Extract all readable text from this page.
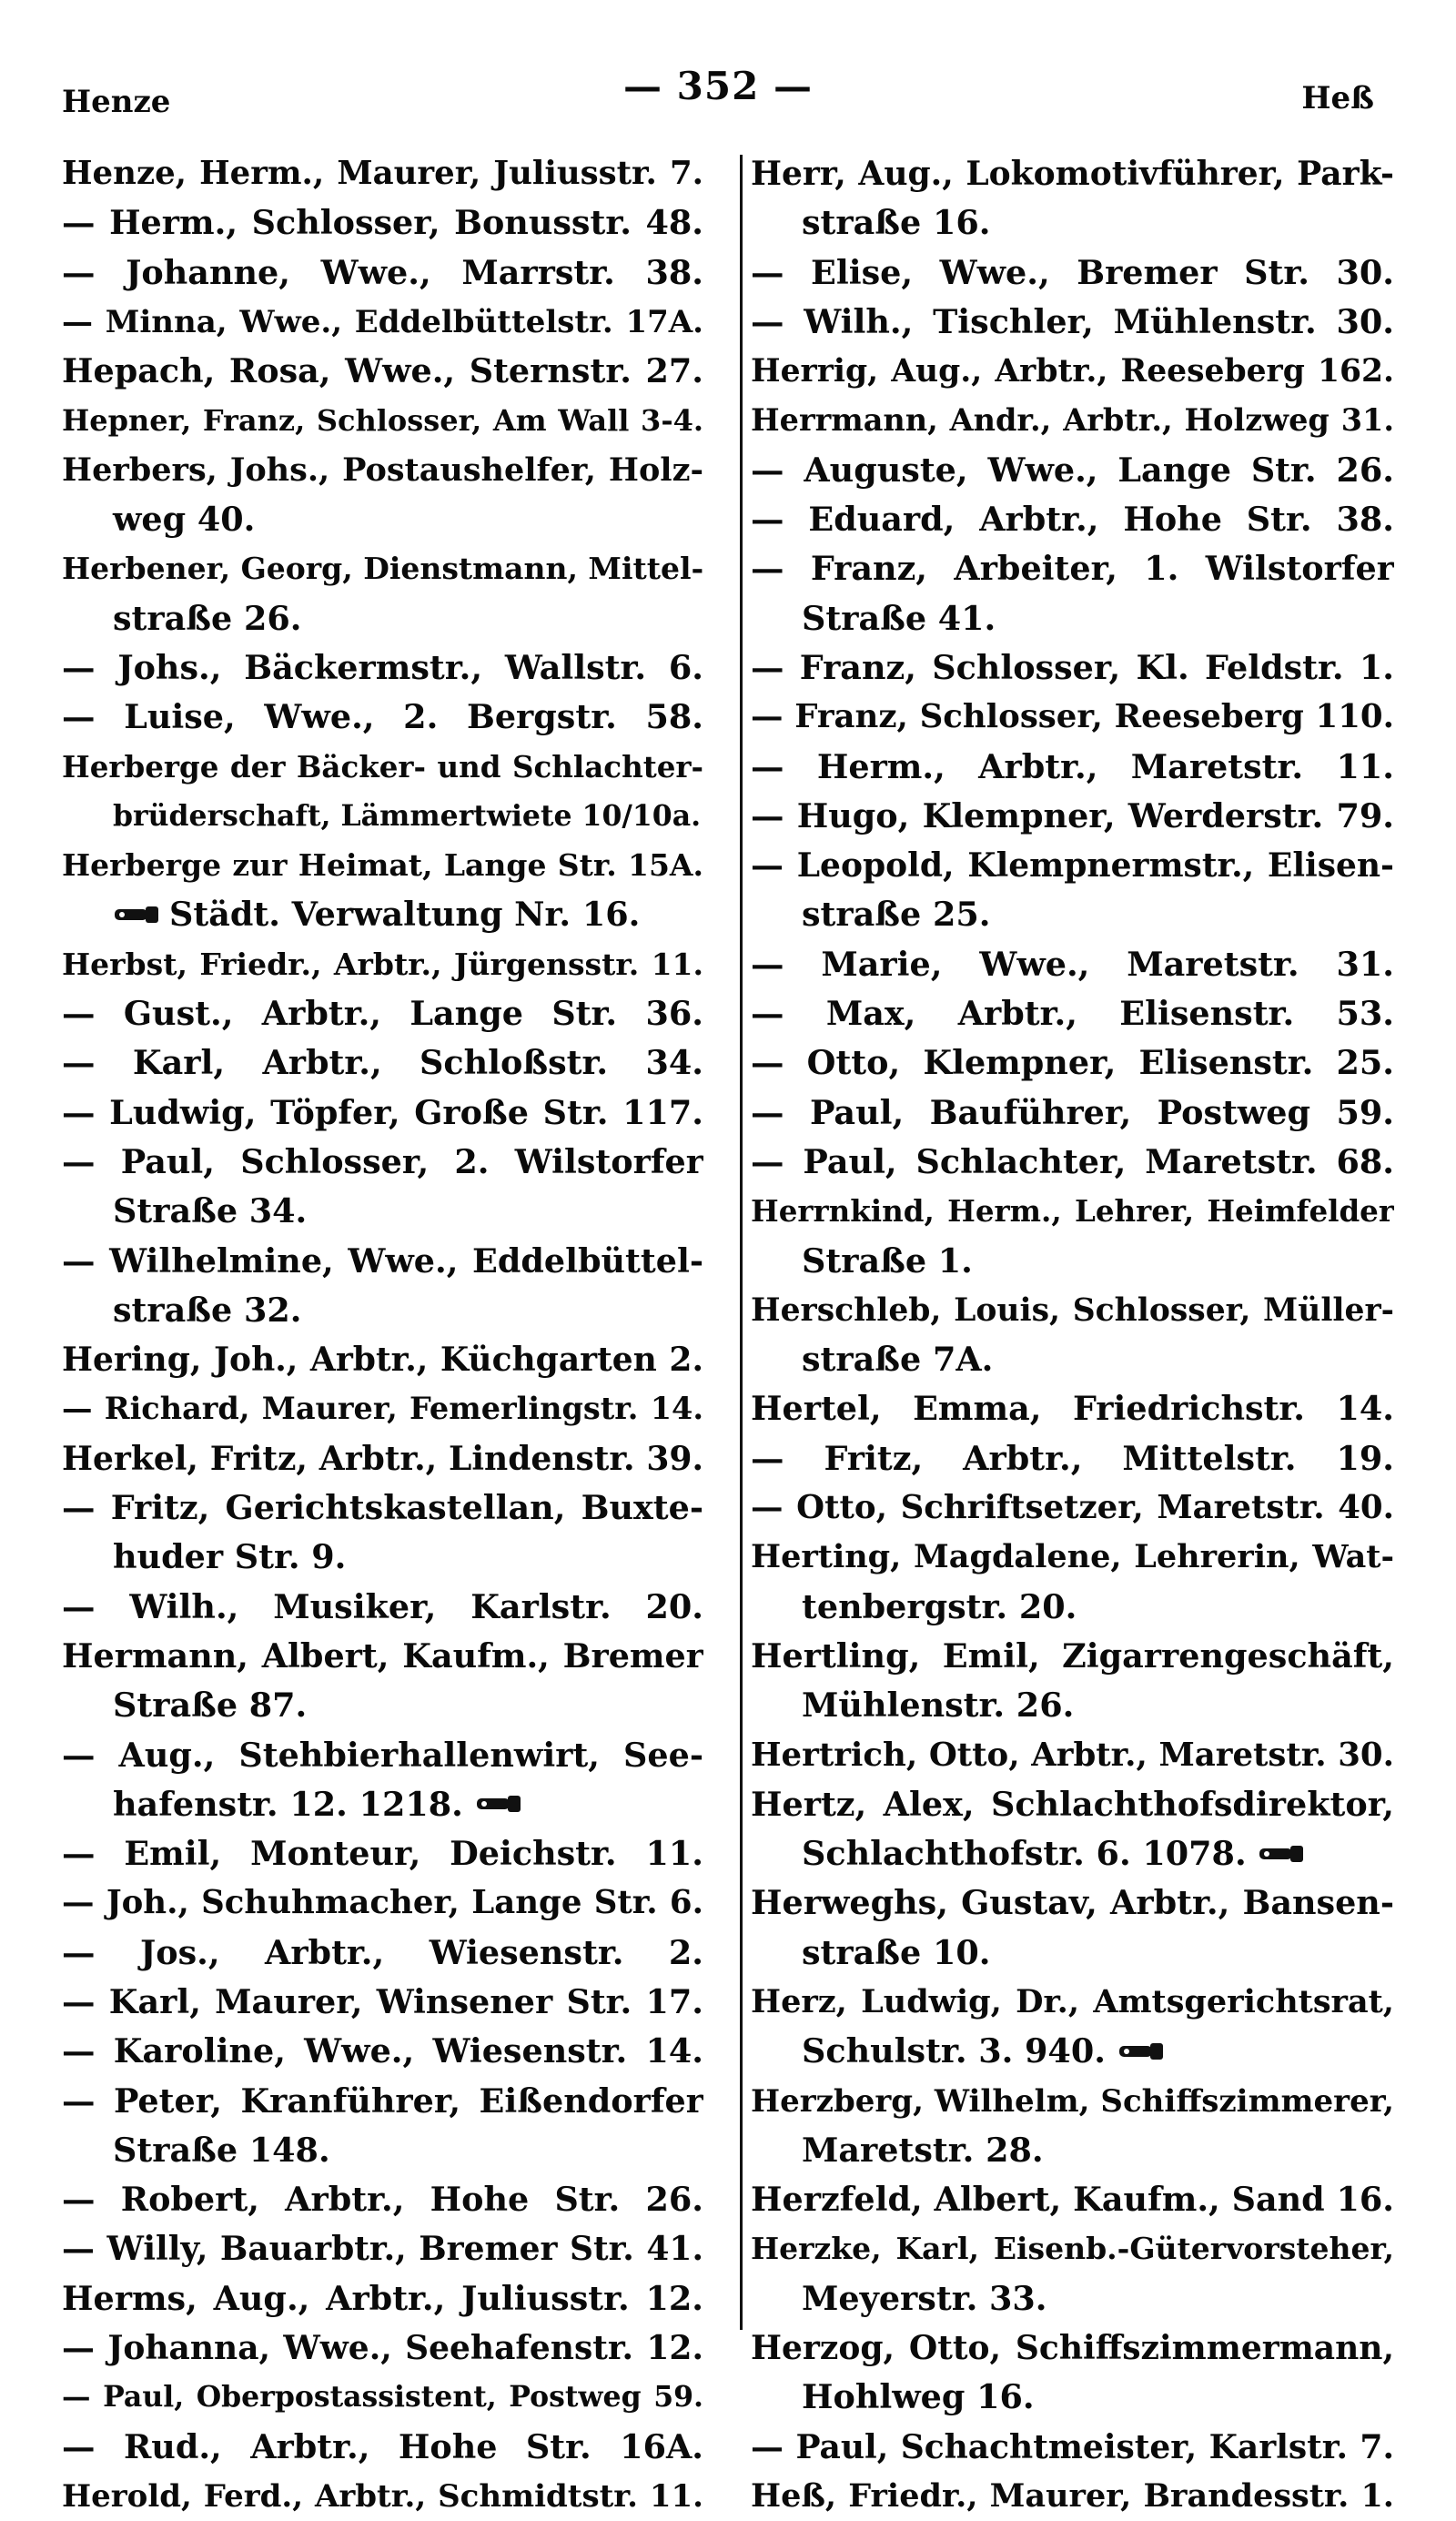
Henze	— 352 —	Heß
Henze, Herm., Maurer, Juliusstr. 7.
— Herm., Schlosser, Bonusstr. 48.
— Johanne, Wwe., Marrstr. 38.
— Minna, Wwe., Eddelbüttelstr. 17A.
Hepach, Rosa, Wwe., Sternstr. 27.
Hepner, Franz, Schlosser, Am Wall 3-4.
Herbers, Johs., Postaushelfer, Holz-
weg 40.
Herbener, Georg, Dienstmann, Mittel-
straße 26.
— Johs., Bäckermstr., Wallstr. 6.
— Luise, Wwe., 2. Bergstr. 58.
Herberge der Bäcker- und Schlachter-
brüderschaft, Lämmertwiete 10/10a.
Herberge zur Heimat, Lange Str. 15A.
Städt. Verwaltung Nr. 16.
Herbst, Friedr., Arbtr., Jürgensstr. 11.
— Gust., Arbtr., Lange Str. 36.
— Karl, Arbtr., Schloßstr. 34.
— Ludwig, Töpfer, Große Str. 117.
— Paul, Schlosser, 2. Wilstorfer
Straße 34.
— Wilhelmine, Wwe., Eddelbüttel-
straße 32.
Hering, Joh., Arbtr., Küchgarten 2.
— Richard, Maurer, Femerlingstr. 14.
Herkel, Fritz, Arbtr., Lindenstr. 39.
— Fritz, Gerichtskastellan, Buxte-
huder Str. 9.
— Wilh., Musiker, Karlstr. 20.
Hermann, Albert, Kaufm., Bremer
Straße 87.
— Aug., Stehbierhallenwirt, See-
hafenstr. 12. 1218.
— Emil, Monteur, Deichstr. 11.
— Joh., Schuhmacher, Lange Str. 6.
— Jos., Arbtr., Wiesenstr. 2.
— Karl, Maurer, Winsener Str. 17.
— Karoline, Wwe., Wiesenstr. 14.
— Peter, Kranführer, Eißendorfer
Straße 148.
— Robert, Arbtr., Hohe Str. 26.
— Willy, Bauarbtr., Bremer Str. 41.
Herms, Aug., Arbtr., Juliusstr. 12.
— Johanna, Wwe., Seehafenstr. 12.
— Paul, Oberpostassistent, Postweg 59.
— Rud., Arbtr., Hohe Str. 16A.
Herold, Ferd., Arbtr., Schmidtstr. 11.
Herr, Aug., Lokomotivführer, Park-
straße 16.
— Elise, Wwe., Bremer Str. 30.
— Wilh., Tischler, Mühlenstr. 30.
Herrig, Aug., Arbtr., Reeseberg 162.
Herrmann, Andr., Arbtr., Holzweg 31.
— Auguste, Wwe., Lange Str. 26.
— Eduard, Arbtr., Hohe Str. 38.
— Franz, Arbeiter, 1. Wilstorfer
Straße 41.
— Franz, Schlosser, Kl. Feldstr. 1.
— Franz, Schlosser, Reeseberg 110.
— Herm., Arbtr., Maretstr. 11.
— Hugo, Klempner, Werderstr. 79.
— Leopold, Klempnermstr., Elisen-
straße 25.
— Marie, Wwe., Maretstr. 31.
— Max, Arbtr., Elisenstr. 53.
— Otto, Klempner, Elisenstr. 25.
— Paul, Bauführer, Postweg 59.
— Paul, Schlachter, Maretstr. 68.
Herrnkind, Herm., Lehrer, Heimfelder
Straße 1.
Herschleb, Louis, Schlosser, Müller-
straße 7A.
Hertel, Emma, Friedrichstr. 14.
— Fritz, Arbtr., Mittelstr. 19.
— Otto, Schriftsetzer, Maretstr. 40.
Herting, Magdalene, Lehrerin, Wat-
tenbergstr. 20.
Hertling, Emil, Zigarrengeschäft,
Mühlenstr. 26.
Hertrich, Otto, Arbtr., Maretstr. 30.
Hertz, Alex, Schlachthofsdirektor,
Schlachthofstr. 6. 1078.
Herweghs, Gustav, Arbtr., Bansen-
straße 10.
Herz, Ludwig, Dr., Amtsgerichtsrat,
Schulstr. 3. 940.
Herzberg, Wilhelm, Schiffszimmerer,
Maretstr. 28.
Herzfeld, Albert, Kaufm., Sand 16.
Herzke, Karl, Eisenb.-Gütervorsteher,
Meyerstr. 33.
Herzog, Otto, Schiffszimmermann,
Hohlweg 16.
— Paul, Schachtmeister, Karlstr. 7.
Heß, Friedr., Maurer, Brandesstr. 1.
